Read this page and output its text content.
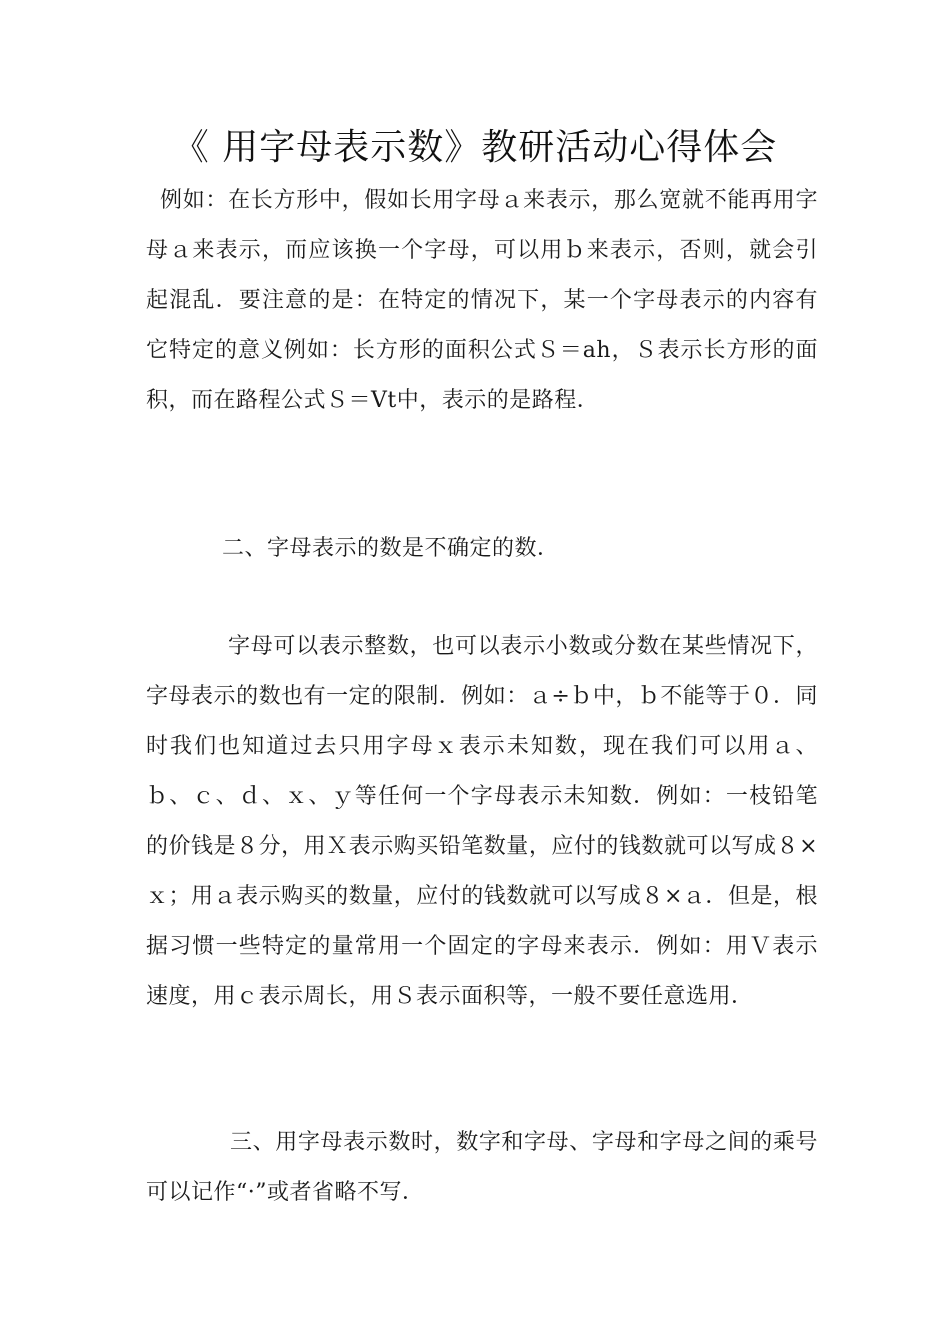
《 用字母表示数》教研活动心得体会
例如：在长方形中，假如长用字母ａ来表示，那么宽就不能再用字母ａ来表示，而应该换一个字母，可以用ｂ来表示，否则，就会引起混乱．要注意的是：在特定的情况下，某一个字母表示的内容有它特定的意义例如：长方形的面积公式Ｓ＝ah，Ｓ表示长方形的面积，而在路程公式Ｓ＝Vt中，表示的是路程．
二、字母表示的数是不确定的数．
字母可以表示整数，也可以表示小数或分数在某些情况下，字母表示的数也有一定的限制．例如：ａ÷ｂ中，ｂ不能等于０．同时我们也知道过去只用字母ｘ表示未知数，现在我们可以用ａ、ｂ、ｃ、ｄ、ｘ、ｙ等任何一个字母表示未知数．例如：一枝铅笔的价钱是８分，用Ｘ表示购买铅笔数量，应付的钱数就可以写成８×ｘ；用ａ表示购买的数量，应付的钱数就可以写成８×ａ．但是，根据习惯一些特定的量常用一个固定的字母来表示．例如：用Ｖ表示速度，用ｃ表示周长，用Ｓ表示面积等，一般不要任意选用．
三、用字母表示数时，数字和字母、字母和字母之间的乘号可以记作“·”或者省略不写．
